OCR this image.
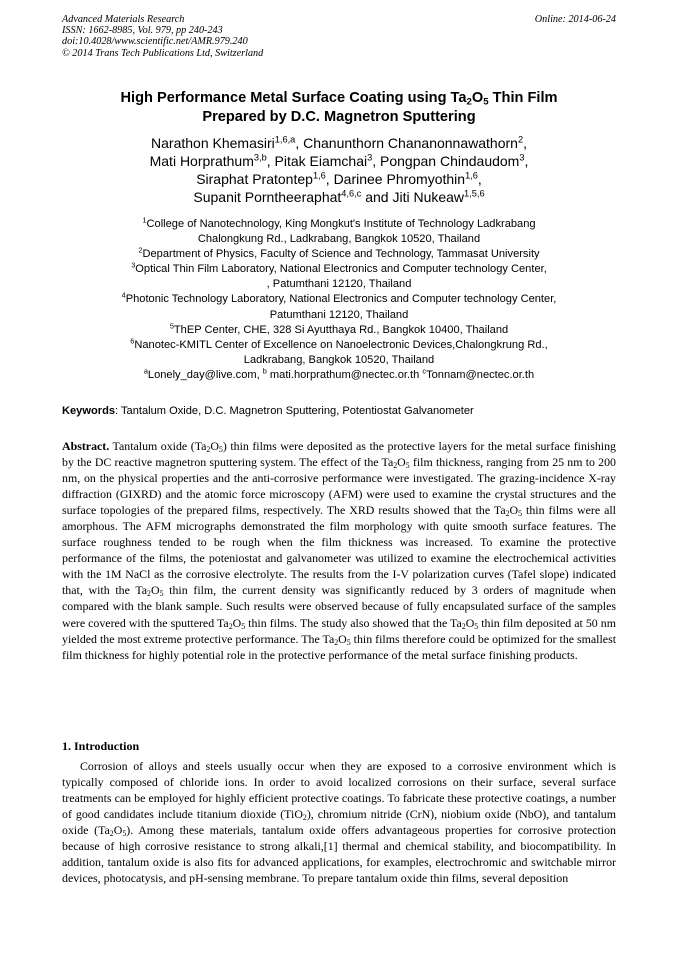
Advanced Materials Research
ISSN: 1662-8985, Vol. 979, pp 240-243
doi:10.4028/www.scientific.net/AMR.979.240
© 2014 Trans Tech Publications Ltd, Switzerland
Online: 2014-06-24
High Performance Metal Surface Coating using $Ta_2O_5$ Thin Film
Prepared by D.C. Magnetron Sputtering
Narathon Khemasiri$^{1,6,a}$, Chanunthorn Chananonnawathorn$^2$,
Mati Horprathum$^{3,b}$, Pitak Eiamchai$^3$, Pongpan Chindaudom$^3$,
Siraphat Pratontep$^{1,6}$, Darinee Phromyothin$^{1,6}$,
Supanit Porntheeraphat$^{4,6,c}$ and Jiti Nukeaw$^{1,5,6}$
$^1$College of Nanotechnology, King Mongkut's Institute of Technology Ladkrabang
Chalongkung Rd., Ladkrabang, Bangkok 10520, Thailand
$^2$Department of Physics, Faculty of Science and Technology, Tammasat University
$^3$Optical Thin Film Laboratory, National Electronics and Computer technology Center,
, Patumthani 12120, Thailand
$^4$Photonic Technology Laboratory, National Electronics and Computer technology Center,
Patumthani 12120, Thailand
$^5$ThEP Center, CHE, 328 Si Ayutthaya Rd., Bangkok 10400, Thailand
$^6$Nanotec-KMITL Center of Excellence on Nanoelectronic Devices,Chalongkrung Rd.,
Ladkrabang, Bangkok 10520, Thailand
$^a$Lonely_day@live.com, $^b$ mati.horprathum@nectec.or.th $^c$Tonnam@nectec.or.th
Keywords: Tantalum Oxide, D.C. Magnetron Sputtering, Potentiostat Galvanometer
Abstract. Tantalum oxide $(Ta_2O_5)$ thin films were deposited as the protective layers for the metal surface finishing by the DC reactive magnetron sputtering system. The effect of the $Ta_2O_5$ film thickness, ranging from 25 nm to 200 nm, on the physical properties and the anti-corrosive performance were investigated. The grazing-incidence X-ray diffraction (GIXRD) and the atomic force microscopy (AFM) were used to examine the crystal structures and the surface topologies of the prepared films, respectively. The XRD results showed that the $Ta_2O_5$ thin films were all amorphous. The AFM micrographs demonstrated the film morphology with quite smooth surface features. The surface roughness tended to be rough when the film thickness was increased. To examine the protective performance of the films, the poteniostat and galvanometer was utilized to examine the electrochemical activities with the 1M NaCl as the corrosive electrolyte. The results from the I-V polarization curves (Tafel slope) indicated that, with the $Ta_2O_5$ thin film, the current density was significantly reduced by 3 orders of magnitude when compared with the blank sample. Such results were observed because of fully encapsulated surface of the samples were covered with the sputtered $Ta_2O_5$ thin films. The study also showed that the $Ta_2O_5$ thin film deposited at 50 nm yielded the most extreme protective performance. The $Ta_2O_5$ thin films therefore could be optimized for the smallest film thickness for highly potential role in the protective performance of the metal surface finishing products.
1. Introduction
Corrosion of alloys and steels usually occur when they are exposed to a corrosive environment which is typically composed of chloride ions. In order to avoid localized corrosions on their surface, several surface treatments can be employed for highly efficient protective coatings. To fabricate these protective coatings, a number of good candidates include titanium dioxide (TiO$_2$), chromium nitride (CrN), niobium oxide (NbO), and tantalum oxide $(Ta_2O_5)$. Among these materials, tantalum oxide offers advantageous properties for corrosive protection because of high corrosive resistance to strong alkali,[1] thermal and chemical stability, and biocompatibility. In addition, tantalum oxide is also fits for advanced applications, for examples, electrochromic and switchable mirror devices, photocatysis, and pH-sensing membrane. To prepare tantalum oxide thin films, several deposition
